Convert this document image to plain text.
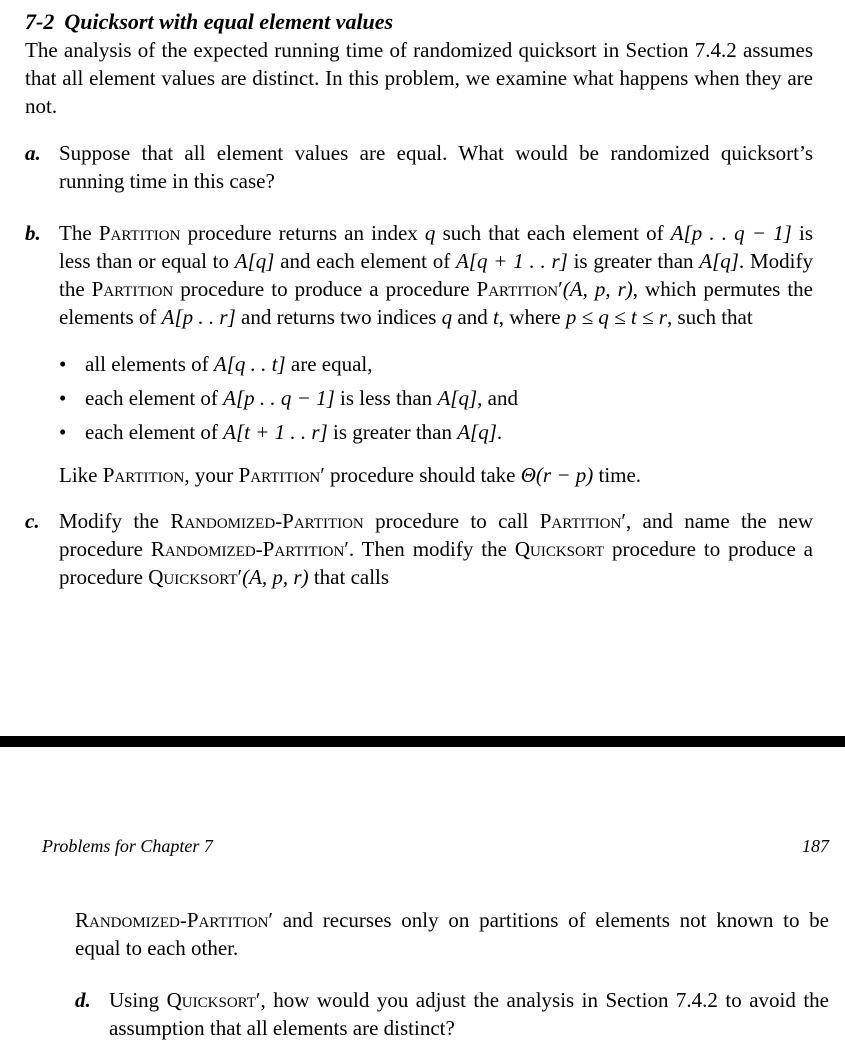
7-2 Quicksort with equal element values
The analysis of the expected running time of randomized quicksort in Section 7.4.2 assumes that all element values are distinct. In this problem, we examine what happens when they are not.
a. Suppose that all element values are equal. What would be randomized quicksort’s running time in this case?
b. The Partition procedure returns an index q such that each element of A[p . . q − 1] is less than or equal to A[q] and each element of A[q + 1 . . r] is greater than A[q]. Modify the Partition procedure to produce a procedure Partition′(A, p, r), which permutes the elements of A[p . . r] and returns two indices q and t, where p ≤ q ≤ t ≤ r, such that
• all elements of A[q . . t] are equal,
• each element of A[p . . q − 1] is less than A[q], and
• each element of A[t + 1 . . r] is greater than A[q].
Like Partition, your Partition′ procedure should take Θ(r − p) time.
c. Modify the Randomized-Partition procedure to call Partition′, and name the new procedure Randomized-Partition′. Then modify the Quicksort procedure to produce a procedure Quicksort′(A, p, r) that calls
Problems for Chapter 7	187
Randomized-Partition′ and recurses only on partitions of elements not known to be equal to each other.
d. Using Quicksort′, how would you adjust the analysis in Section 7.4.2 to avoid the assumption that all elements are distinct?
